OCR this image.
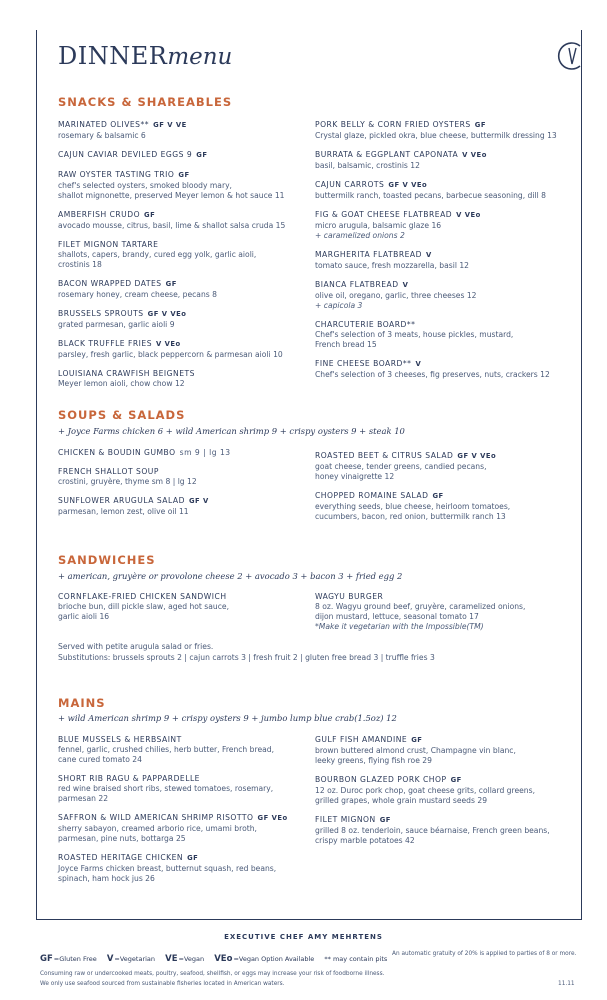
DINNERmenu
SNACKS & SHAREABLES
MARINATED OLIVES** GF V VE
rosemary & balsamic 6
CAJUN CAVIAR DEVILED EGGS 9 GF
RAW OYSTER TASTING TRIO GF
chef's selected oysters, smoked bloody mary,
shallot mignonette, preserved Meyer lemon & hot sauce 11
AMBERFISH CRUDO GF
avocado mousse, citrus, basil, lime & shallot salsa cruda 15
FILET MIGNON TARTARE
shallots, capers, brandy, cured egg yolk, garlic aioli,
crostinis 18
BACON WRAPPED DATES GF
rosemary honey, cream cheese, pecans 8
BRUSSELS SPROUTS GF V VEo
grated parmesan, garlic aioli 9
BLACK TRUFFLE FRIES V VEo
parsley, fresh garlic, black peppercorn & parmesan aioli 10
LOUISIANA CRAWFISH BEIGNETS
Meyer lemon aioli, chow chow 12
PORK BELLY & CORN FRIED OYSTERS GF
Crystal glaze, pickled okra, blue cheese, buttermilk dressing 13
BURRATA & EGGPLANT CAPONATA V VEo
basil, balsamic, crostinis 12
CAJUN CARROTS GF V VEo
buttermilk ranch, toasted pecans, barbecue seasoning, dill 8
FIG & GOAT CHEESE FLATBREAD V VEo
micro arugula, balsamic glaze 16
+ caramelized onions 2
MARGHERITA FLATBREAD V
tomato sauce, fresh mozzarella, basil 12
BIANCA FLATBREAD V
olive oil, oregano, garlic, three cheeses 12
+ capicola 3
CHARCUTERIE BOARD**
Chef's selection of 3 meats, house pickles, mustard,
French bread 15
FINE CHEESE BOARD** V
Chef's selection of 3 cheeses, fig preserves, nuts, crackers 12
SOUPS & SALADS
+ Joyce Farms chicken 6 + wild American shrimp 9 + crispy oysters 9 + steak 10
CHICKEN & BOUDIN GUMBO sm 9 | lg 13
FRENCH SHALLOT SOUP
crostini, gruyère, thyme sm 8 | lg 12
SUNFLOWER ARUGULA SALAD GF V
parmesan, lemon zest, olive oil 11
ROASTED BEET & CITRUS SALAD GF V VEo
goat cheese, tender greens, candied pecans,
honey vinaigrette 12
CHOPPED ROMAINE SALAD GF
everything seeds, blue cheese, heirloom tomatoes,
cucumbers, bacon, red onion, buttermilk ranch 13
SANDWICHES
+ american, gruyère or provolone cheese 2 + avocado 3 + bacon 3 + fried egg 2
CORNFLAKE-FRIED CHICKEN SANDWICH
brioche bun, dill pickle slaw, aged hot sauce,
garlic aioli 16
WAGYU BURGER
8 oz. Wagyu ground beef, gruyère, caramelized onions,
dijon mustard, lettuce, seasonal tomato 17
*Make it vegetarian with the Impossible(TM)
Served with petite arugula salad or fries.
Substitutions: brussels sprouts 2 | cajun carrots 3 | fresh fruit 2 | gluten free bread 3 | truffle fries 3
MAINS
+ wild American shrimp 9 + crispy oysters 9 + jumbo lump blue crab(1.5oz) 12
BLUE MUSSELS & HERBSAINT
fennel, garlic, crushed chilies, herb butter, French bread,
cane cured tomato 24
SHORT RIB RAGU & PAPPARDELLE
red wine braised short ribs, stewed tomatoes, rosemary,
parmesan 22
SAFFRON & WILD AMERICAN SHRIMP RISOTTO GF VEo
sherry sabayon, creamed arborio rice, umami broth,
parmesan, pine nuts, bottarga 25
ROASTED HERITAGE CHICKEN GF
Joyce Farms chicken breast, butternut squash, red beans,
spinach, ham hock jus 26
GULF FISH AMANDINE GF
brown buttered almond crust, Champagne vin blanc,
leeky greens, flying fish roe 29
BOURBON GLAZED PORK CHOP GF
12 oz. Duroc pork chop, goat cheese grits, collard greens,
grilled grapes, whole grain mustard seeds 29
FILET MIGNON GF
grilled 8 oz. tenderloin, sauce béarnaise, French green beans,
crispy marble potatoes 42
EXECUTIVE CHEF AMY MEHRTENS
GF=Gluten Free V=Vegetarian VE=Vegan VEo=Vegan Option Available ** may contain pits
An automatic gratuity of 20% is applied to parties of 8 or more.
Consuming raw or undercooked meats, poultry, seafood, shellfish, or eggs may increase your risk of foodborne illness.
We only use seafood sourced from sustainable fisheries located in American waters.	11.11
